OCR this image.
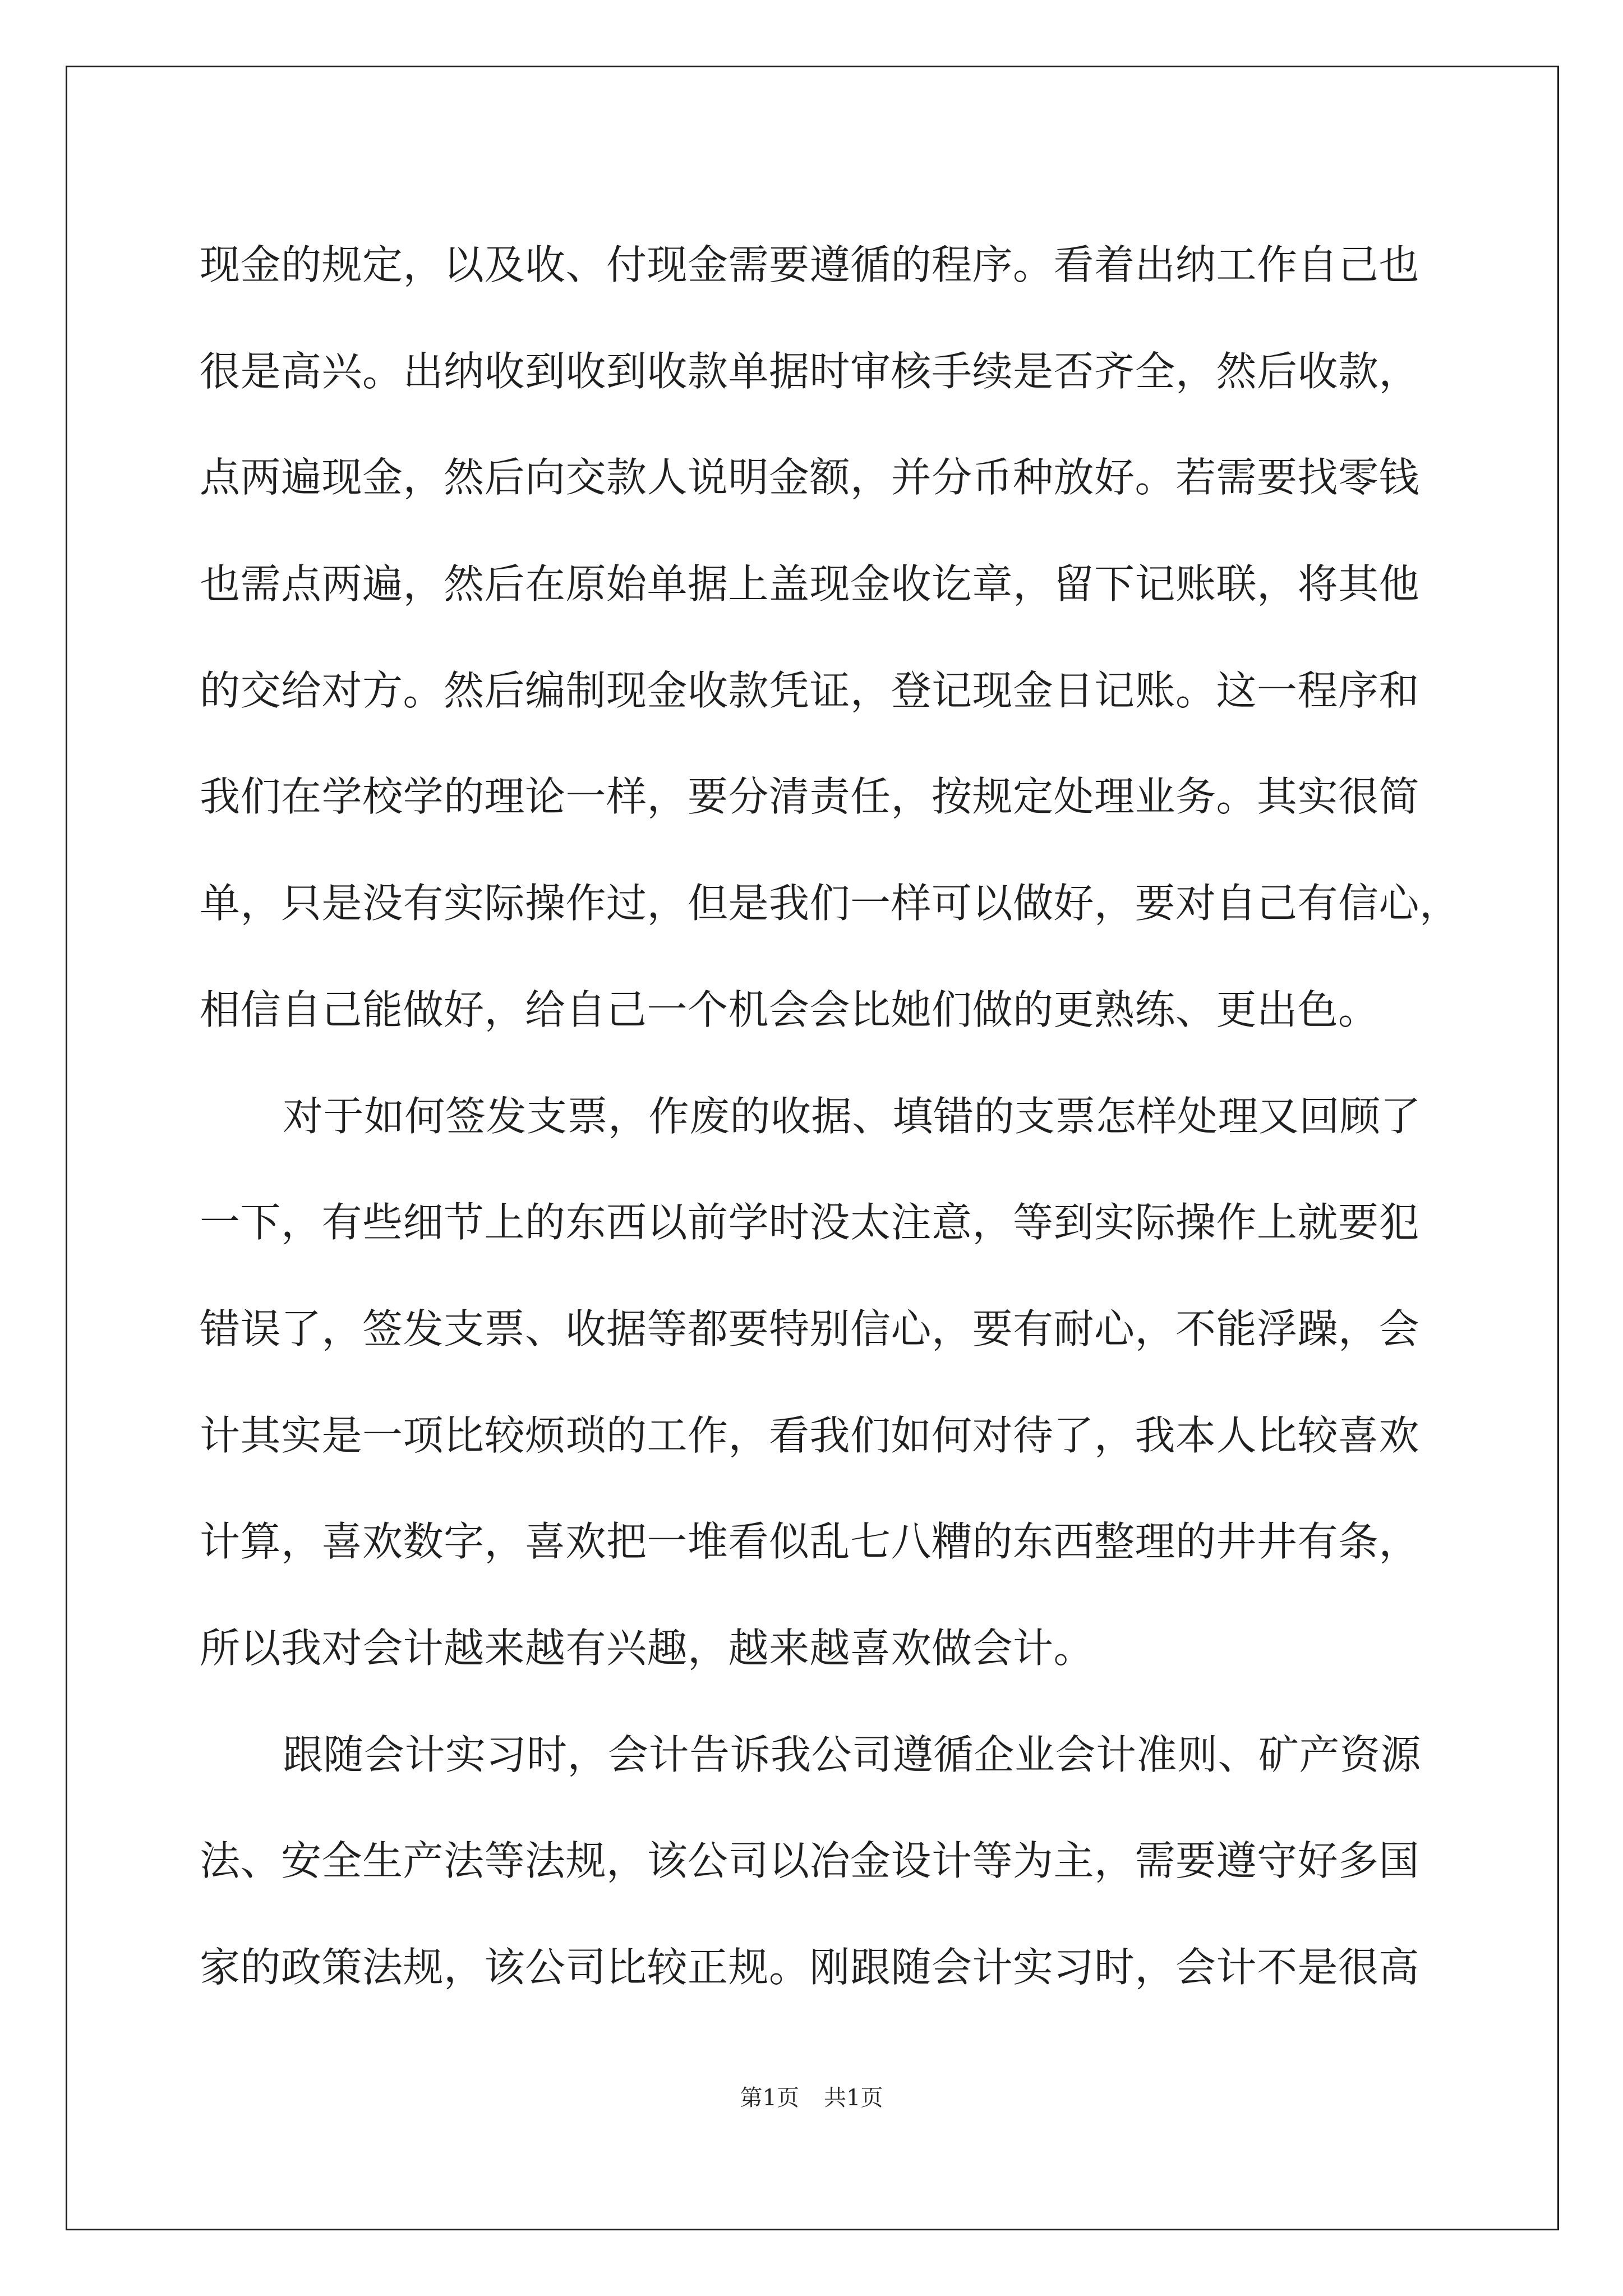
现金的规定，以及收、付现金需要遵循的程序。看着出纳工作自己也
很是高兴。出纳收到收到收款单据时审核手续是否齐全，然后收款，
点两遍现金，然后向交款人说明金额，并分币种放好。若需要找零钱
也需点两遍，然后在原始单据上盖现金收讫章，留下记账联，将其他
的交给对方。然后编制现金收款凭证，登记现金日记账。这一程序和
我们在学校学的理论一样，要分清责任，按规定处理业务。其实很简
单，只是没有实际操作过，但是我们一样可以做好，要对自己有信心，
相信自己能做好，给自己一个机会会比她们做的更熟练、更出色。
对于如何签发支票，作废的收据、填错的支票怎样处理又回顾了
一下，有些细节上的东西以前学时没太注意，等到实际操作上就要犯
错误了，签发支票、收据等都要特别信心，要有耐心，不能浮躁，会
计其实是一项比较烦琐的工作，看我们如何对待了，我本人比较喜欢
计算，喜欢数字，喜欢把一堆看似乱七八糟的东西整理的井井有条，
所以我对会计越来越有兴趣，越来越喜欢做会计。
跟随会计实习时，会计告诉我公司遵循企业会计准则、矿产资源
法、安全生产法等法规，该公司以冶金设计等为主，需要遵守好多国
家的政策法规，该公司比较正规。刚跟随会计实习时，会计不是很高
第1页 共1页
